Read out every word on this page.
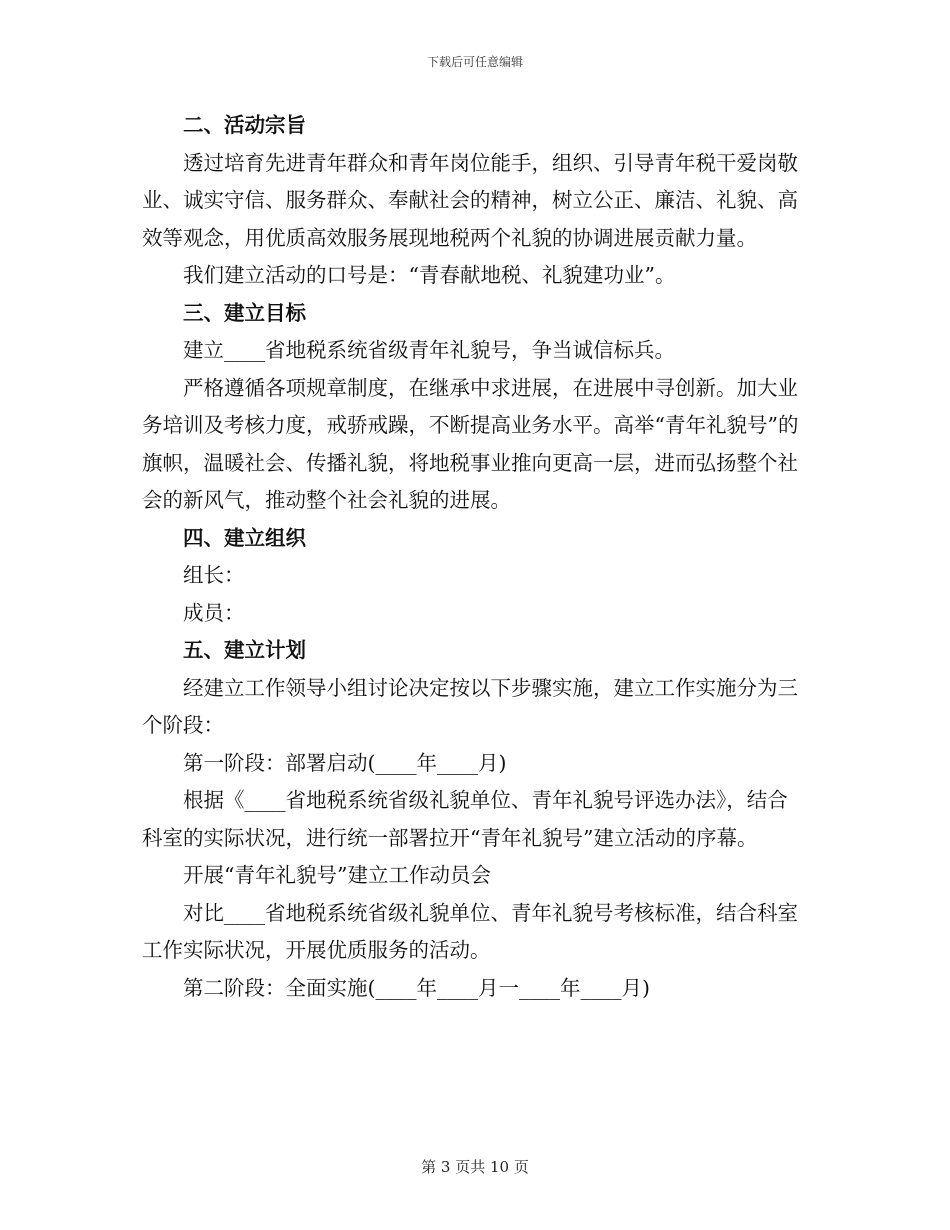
下载后可任意编辑

二、活动宗旨

透过培育先进青年群众和青年岗位能手，组织、引导青年税干爱岗敬业、诚实守信、服务群众、奉献社会的精神，树立公正、廉洁、礼貌、高效等观念，用优质高效服务展现地税两个礼貌的协调进展贡献力量。

我们建立活动的口号是：“青春献地税、礼貌建功业”。

三、建立目标

建立____省地税系统省级青年礼貌号，争当诚信标兵。

严格遵循各项规章制度，在继承中求进展，在进展中寻创新。加大业务培训及考核力度，戒骄戒躁，不断提高业务水平。高举“青年礼貌号”的旗帜，温暖社会、传播礼貌，将地税事业推向更高一层，进而弘扬整个社会的新风气，推动整个社会礼貌的进展。

四、建立组织

组长：

成员：

五、建立计划

经建立工作领导小组讨论决定按以下步骤实施，建立工作实施分为三个阶段：

第一阶段：部署启动(____年____月)

根据《____省地税系统省级礼貌单位、青年礼貌号评选办法》，结合科室的实际状况，进行统一部署拉开“青年礼貌号”建立活动的序幕。

开展“青年礼貌号”建立工作动员会

对比____省地税系统省级礼貌单位、青年礼貌号考核标准，结合科室工作实际状况，开展优质服务的活动。

第二阶段：全面实施(____年____月一____年____月)

第 3 页共 10 页
